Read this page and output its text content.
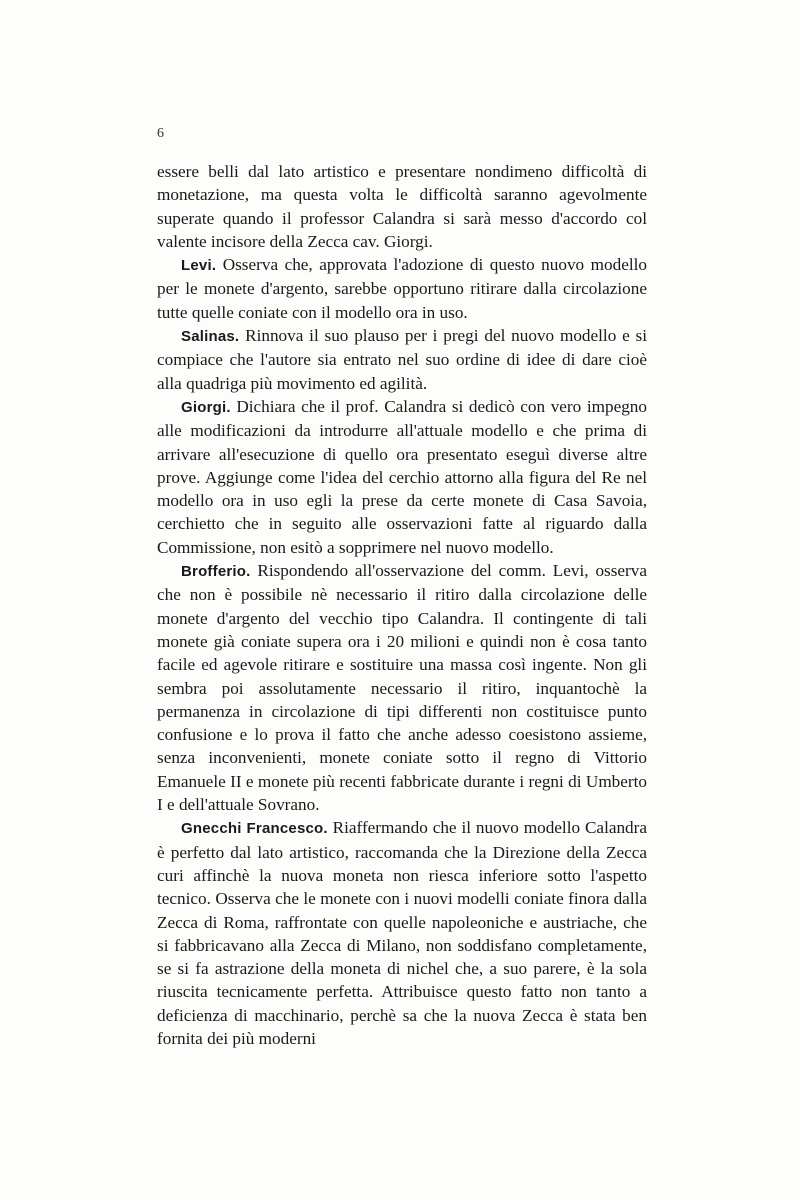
6

essere belli dal lato artistico e presentare nondimeno difficoltà di monetazione, ma questa volta le difficoltà saranno agevolmente superate quando il professor Calandra si sarà messo d'accordo col valente incisore della Zecca cav. Giorgi.

Levi. Osserva che, approvata l'adozione di questo nuovo modello per le monete d'argento, sarebbe opportuno ritirare dalla circolazione tutte quelle coniate con il modello ora in uso.

Salinas. Rinnova il suo plauso per i pregi del nuovo modello e si compiace che l'autore sia entrato nel suo ordine di idee di dare cioè alla quadriga più movimento ed agilità.

Giorgi. Dichiara che il prof. Calandra si dedicò con vero impegno alle modificazioni da introdurre all'attuale modello e che prima di arrivare all'esecuzione di quello ora presentato eseguì diverse altre prove. Aggiunge come l'idea del cerchio attorno alla figura del Re nel modello ora in uso egli la prese da certe monete di Casa Savoia, cerchietto che in seguito alle osservazioni fatte al riguardo dalla Commissione, non esitò a sopprimere nel nuovo modello.

Brofferio. Rispondendo all'osservazione del comm. Levi, osserva che non è possibile nè necessario il ritiro dalla circolazione delle monete d'argento del vecchio tipo Calandra. Il contingente di tali monete già coniate supera ora i 20 milioni e quindi non è cosa tanto facile ed agevole ritirare e sostituire una massa così ingente. Non gli sembra poi assolutamente necessario il ritiro, inquantochè la permanenza in circolazione di tipi differenti non costituisce punto confusione e lo prova il fatto che anche adesso coesistono assieme, senza inconvenienti, monete coniate sotto il regno di Vittorio Emanuele II e monete più recenti fabbricate durante i regni di Umberto I e dell'attuale Sovrano.

Gnecchi Francesco. Riaffermando che il nuovo modello Calandra è perfetto dal lato artistico, raccomanda che la Direzione della Zecca curi affinchè la nuova moneta non riesca inferiore sotto l'aspetto tecnico. Osserva che le monete con i nuovi modelli coniate finora dalla Zecca di Roma, raffrontate con quelle napoleoniche e austriache, che si fabbricavano alla Zecca di Milano, non soddisfano completamente, se si fa astrazione della moneta di nichel che, a suo parere, è la sola riuscita tecnicamente perfetta. Attribuisce questo fatto non tanto a deficienza di macchinario, perchè sa che la nuova Zecca è stata ben fornita dei più moderni
